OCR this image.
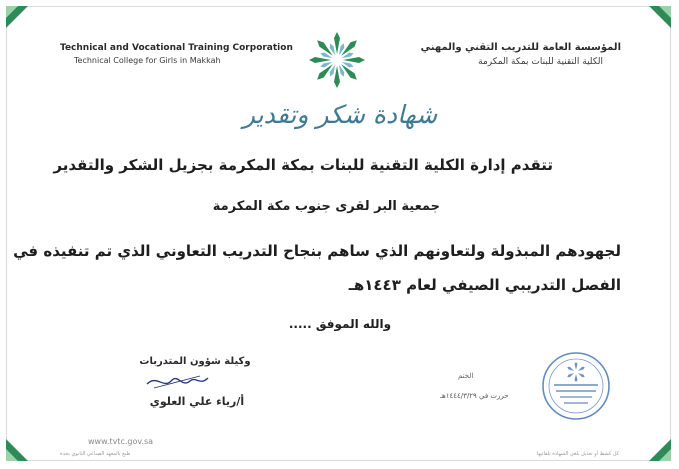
Technical and Vocational Training Corporation
Technical College for Girls in Makkah
المؤسسة العامة للتدريب التقني والمهني
الكلية التقنية للبنات بمكة المكرمة
شهادة شكر وتقدير
تتقدم إدارة الكلية التقنية للبنات بمكة المكرمة بجزيل الشكر والتقدير
جمعية البر لقرى جنوب مكة المكرمة
لجهودهم المبذولة ولتعاونهم الذي ساهم بنجاح التدريب التعاوني الذي تم تنفيذه في
الفصل التدريبي الصيفي لعام ١٤٤٣هـ
والله الموفق .....
وكيلة شؤون المتدربات
أ/رياء علي العلوي
الختم
حررت في ١٤٤٤/٣/٢٩هـ
www.tvtc.gov.sa
طبع بالمعهد الصناعي الثانوي بجدة	كل كشط أو تعديل يلغي الشهادة تلقائيها
